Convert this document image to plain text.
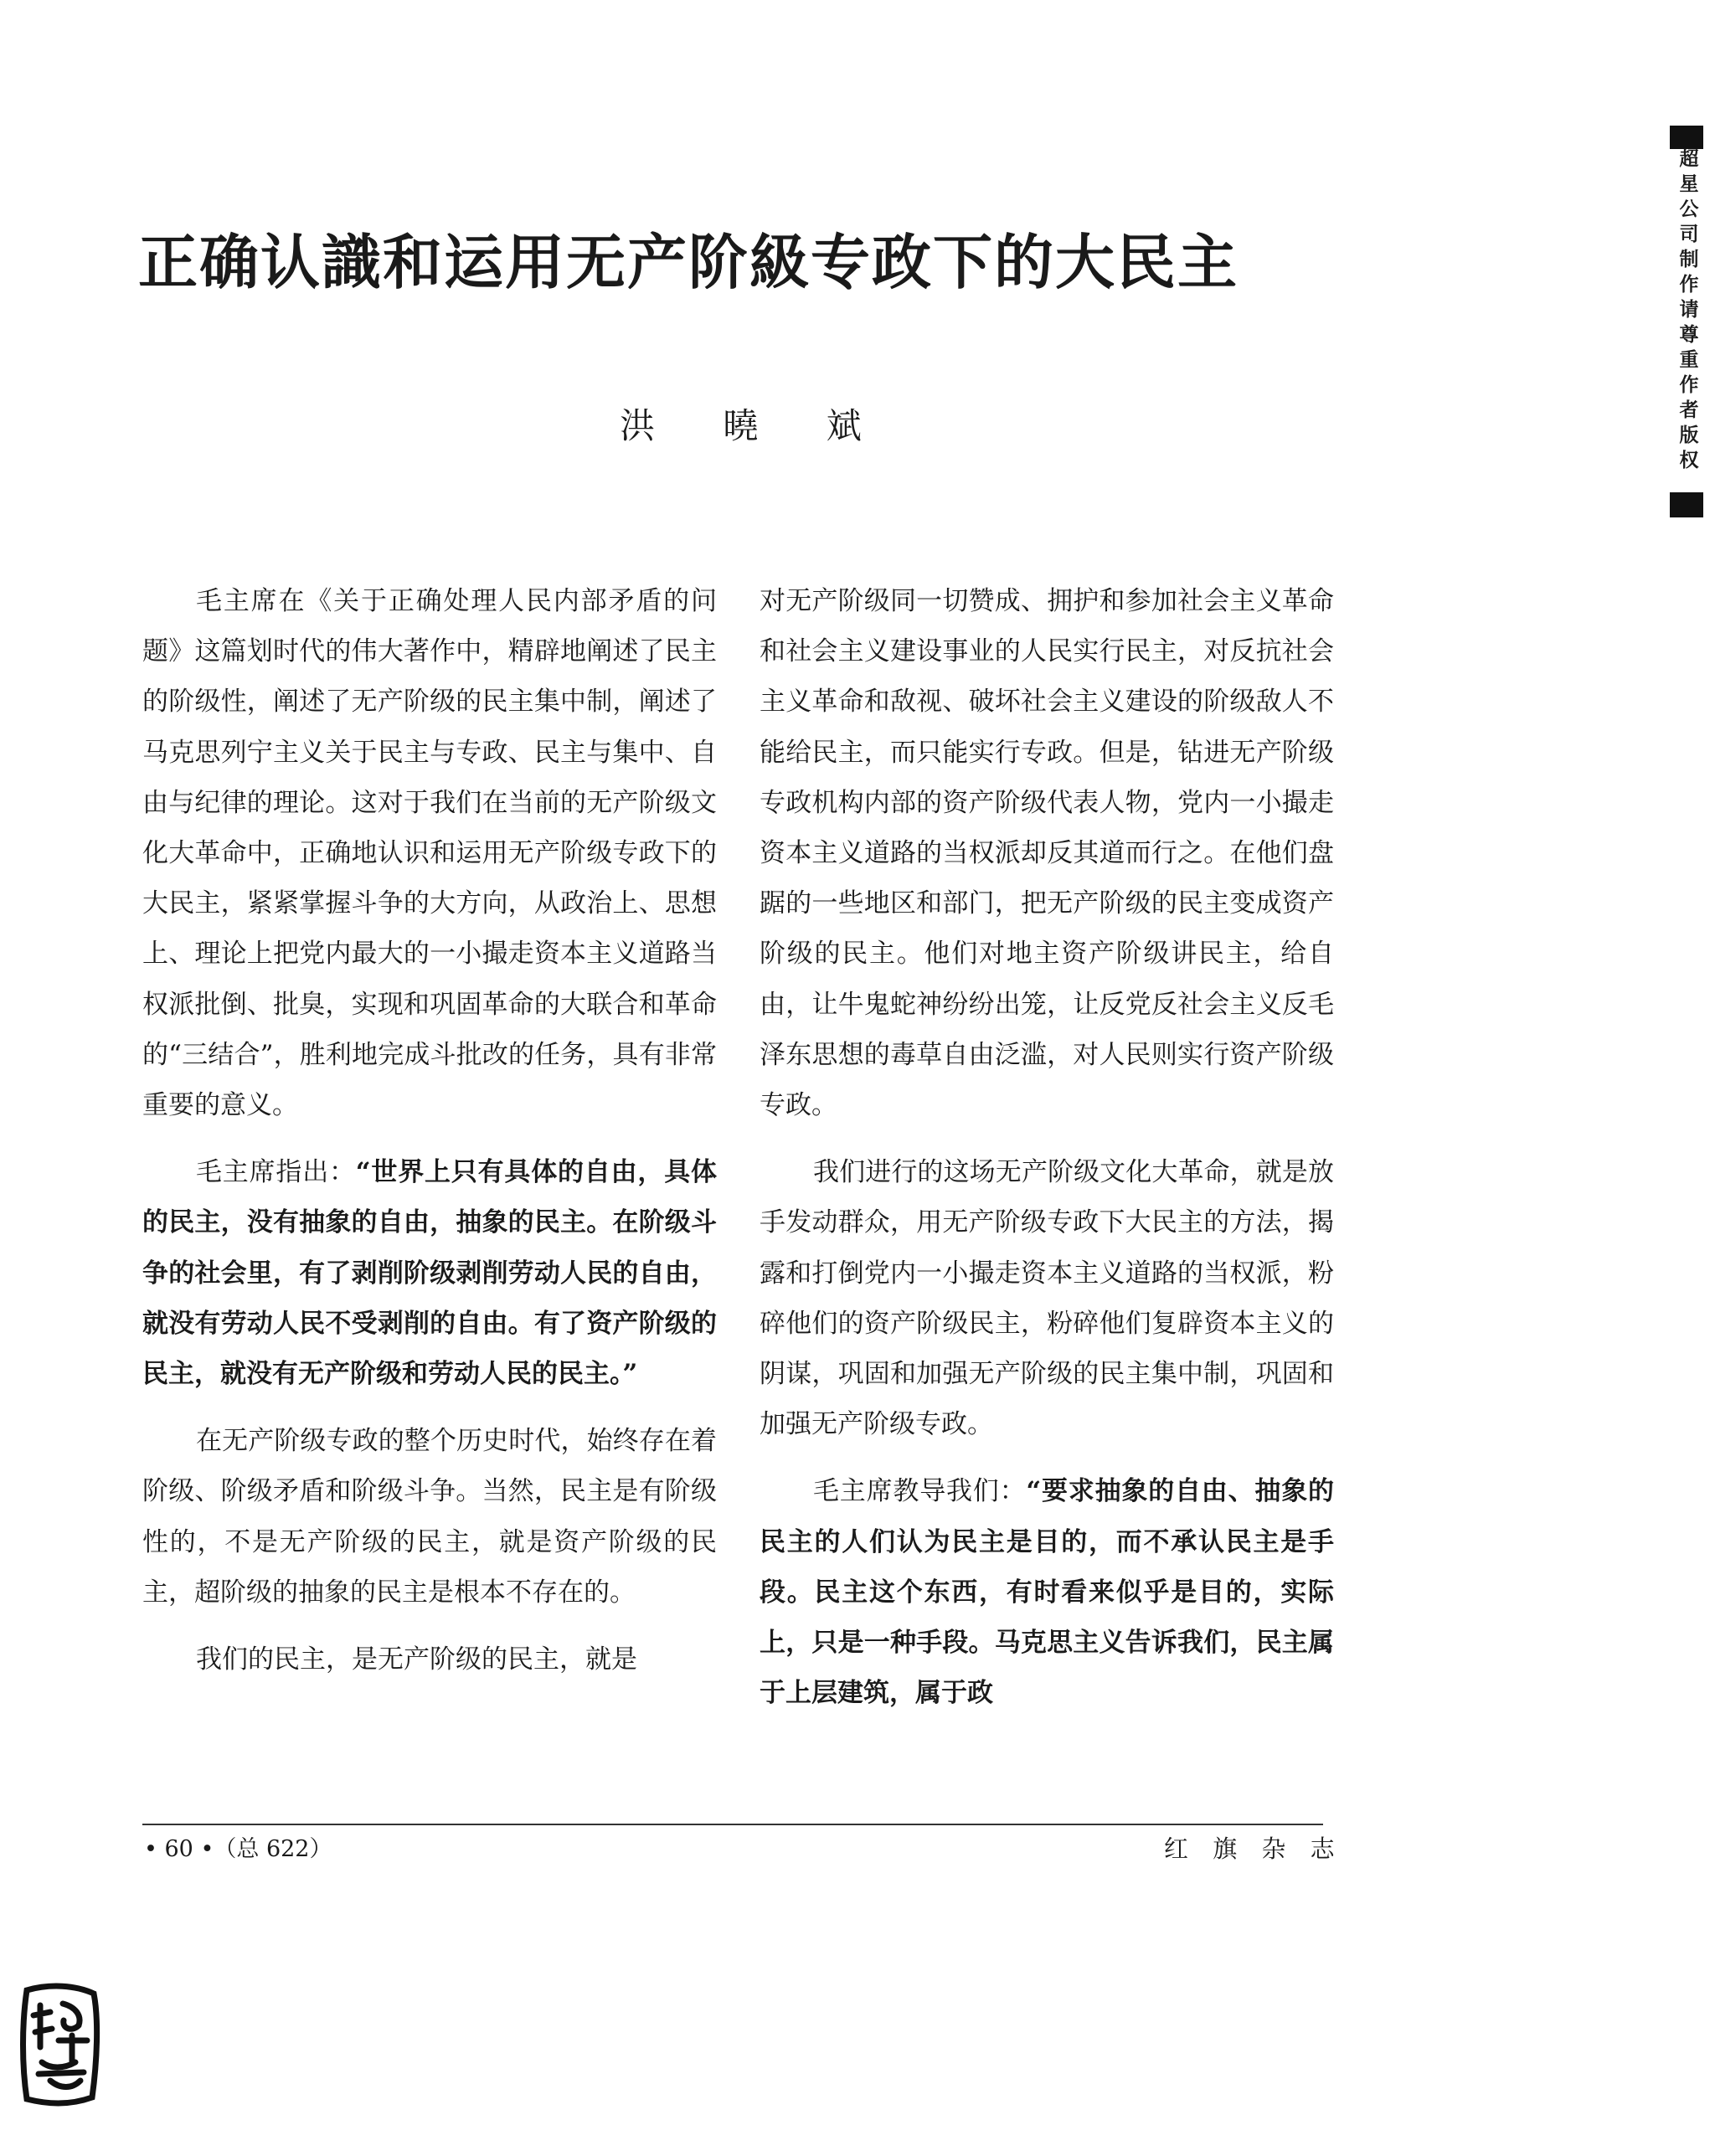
正确认識和运用无产阶級专政下的大民主
洪 曉 斌

毛主席在《关于正确处理人民内部矛盾的问题》这篇划时代的伟大著作中，精辟地阐述了民主的阶级性，阐述了无产阶级的民主集中制，阐述了马克思列宁主义关于民主与专政、民主与集中、自由与纪律的理论。这对于我们在当前的无产阶级文化大革命中，正确地认识和运用无产阶级专政下的大民主，紧紧掌握斗争的大方向，从政治上、思想上、理论上把党内最大的一小撮走资本主义道路当权派批倒、批臭，实现和巩固革命的大联合和革命的“三结合”，胜利地完成斗批改的任务，具有非常重要的意义。

毛主席指出：“世界上只有具体的自由，具体的民主，没有抽象的自由，抽象的民主。在阶级斗争的社会里，有了剥削阶级剥削劳动人民的自由，就没有劳动人民不受剥削的自由。有了资产阶级的民主，就没有无产阶级和劳动人民的民主。”

在无产阶级专政的整个历史时代，始终存在着阶级、阶级矛盾和阶级斗争。当然，民主是有阶级性的，不是无产阶级的民主，就是资产阶级的民主，超阶级的抽象的民主是根本不存在的。

我们的民主，是无产阶级的民主，就是

对无产阶级同一切赞成、拥护和参加社会主义革命和社会主义建设事业的人民实行民主，对反抗社会主义革命和敌视、破坏社会主义建设的阶级敌人不能给民主，而只能实行专政。但是，钻进无产阶级专政机构内部的资产阶级代表人物，党内一小撮走资本主义道路的当权派却反其道而行之。在他们盘踞的一些地区和部门，把无产阶级的民主变成资产阶级的民主。他们对地主资产阶级讲民主，给自由，让牛鬼蛇神纷纷出笼，让反党反社会主义反毛泽东思想的毒草自由泛滥，对人民则实行资产阶级专政。

我们进行的这场无产阶级文化大革命，就是放手发动群众，用无产阶级专政下大民主的方法，揭露和打倒党内一小撮走资本主义道路的当权派，粉碎他们的资产阶级民主，粉碎他们复辟资本主义的阴谋，巩固和加强无产阶级的民主集中制，巩固和加强无产阶级专政。

毛主席教导我们：“要求抽象的自由、抽象的民主的人们认为民主是目的，而不承认民主是手段。民主这个东西，有时看来似乎是目的，实际上，只是一种手段。马克思主义告诉我们，民主属于上层建筑，属于政

• 60 •（总 622）	红 旗 杂 志
超星公司制作请尊重作者版权
